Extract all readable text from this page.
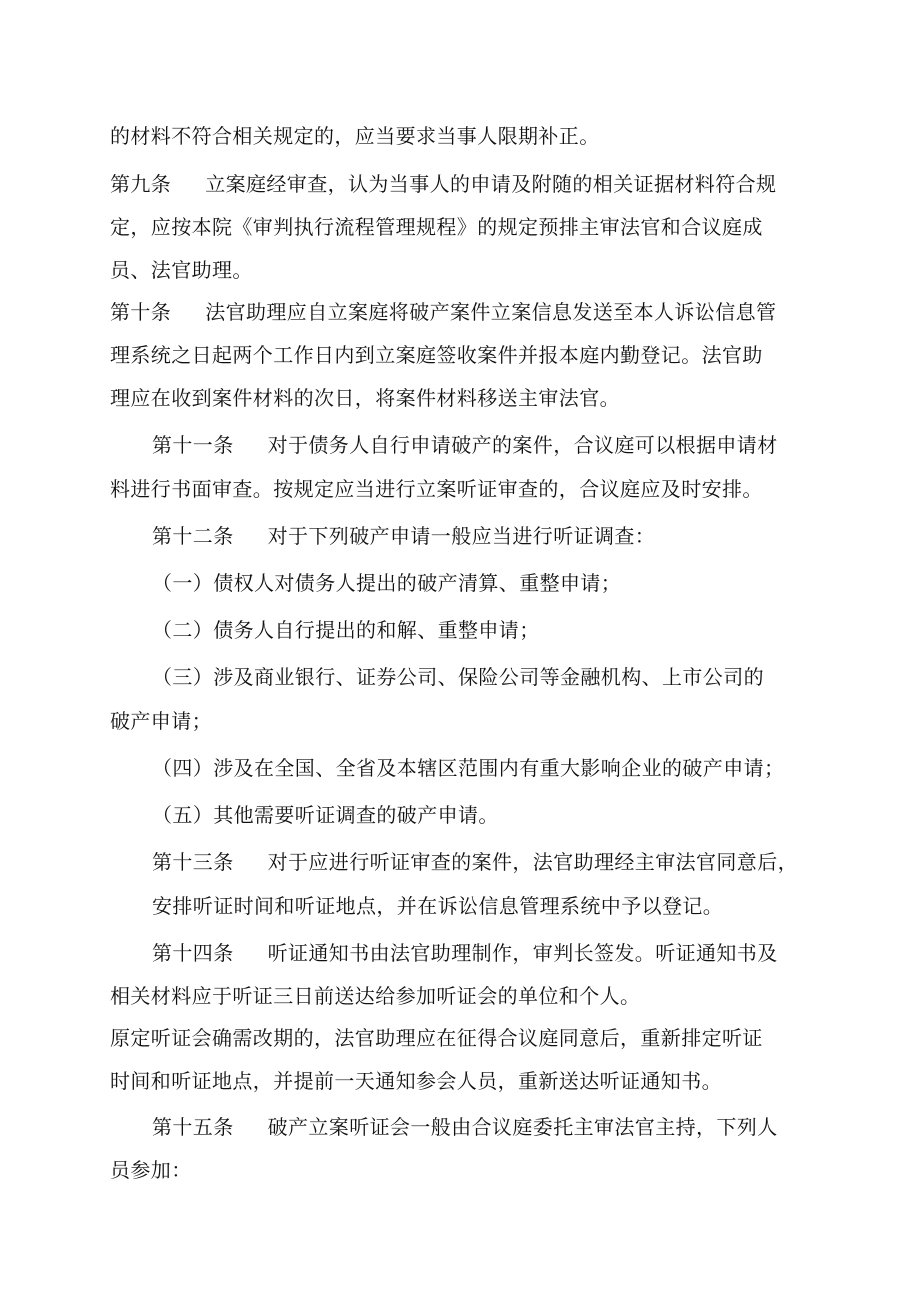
的材料不符合相关规定的，应当要求当事人限期补正。
第九条 立案庭经审查，认为当事人的申请及附随的相关证据材料符合规
定，应按本院《审判执行流程管理规程》的规定预排主审法官和合议庭成
员、法官助理。
第十条 法官助理应自立案庭将破产案件立案信息发送至本人诉讼信息管
理系统之日起两个工作日内到立案庭签收案件并报本庭内勤登记。法官助
理应在收到案件材料的次日，将案件材料移送主审法官。
第十一条 对于债务人自行申请破产的案件，合议庭可以根据申请材
料进行书面审查。按规定应当进行立案听证审查的，合议庭应及时安排。
第十二条 对于下列破产申请一般应当进行听证调查：
（一）债权人对债务人提出的破产清算、重整申请；
（二）债务人自行提出的和解、重整申请；
（三）涉及商业银行、证券公司、保险公司等金融机构、上市公司的
破产申请；
（四）涉及在全国、全省及本辖区范围内有重大影响企业的破产申请；
（五）其他需要听证调查的破产申请。
第十三条 对于应进行听证审查的案件，法官助理经主审法官同意后，
安排听证时间和听证地点，并在诉讼信息管理系统中予以登记。
第十四条 听证通知书由法官助理制作，审判长签发。听证通知书及
相关材料应于听证三日前送达给参加听证会的单位和个人。
原定听证会确需改期的，法官助理应在征得合议庭同意后，重新排定听证
时间和听证地点，并提前一天通知参会人员，重新送达听证通知书。
第十五条 破产立案听证会一般由合议庭委托主审法官主持，下列人
员参加：
